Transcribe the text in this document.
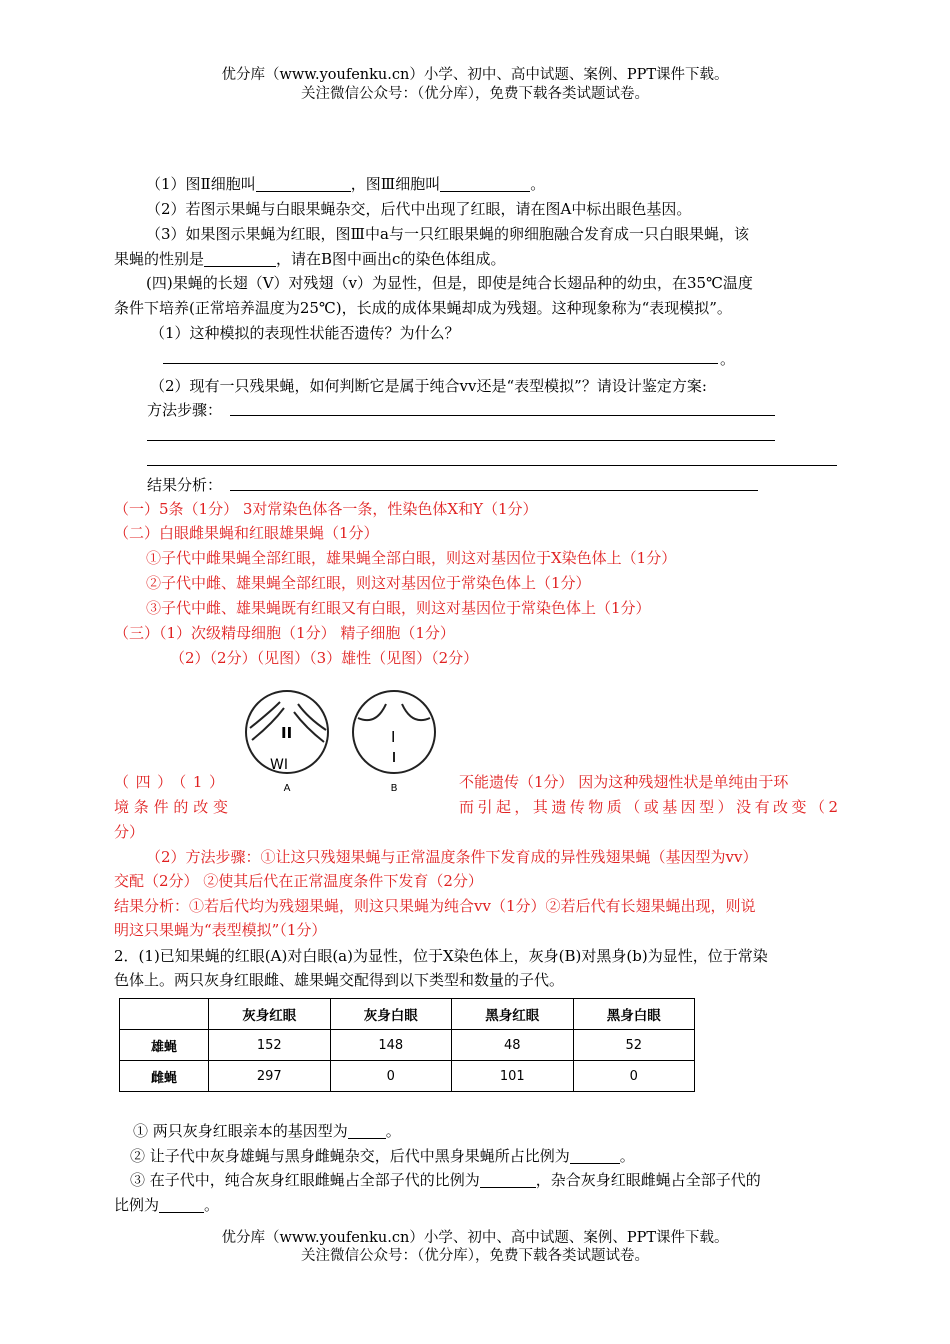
优分库（www.youfenku.cn）小学、初中、高中试题、案例、PPT课件下载。
关注微信公众号：（优分库），免费下载各类试题试卷。
（1）图Ⅱ细胞叫	，图Ⅲ细胞叫	。
（2）若图示果蝇与白眼果蝇杂交，后代中出现了红眼，请在图A中标出眼色基因。
（3）如果图示果蝇为红眼，图Ⅲ中a与一只红眼果蝇的卵细胞融合发育成一只白眼果蝇，该
果蝇的性别是	，请在B图中画出c的染色体组成。
(四)果蝇的长翅（V）对残翅（v）为显性，但是，即使是纯合长翅品种的幼虫，在35℃温度
条件下培养(正常培养温度为25℃)，长成的成体果蝇却成为残翅。这种现象称为“表现模拟”。
（1）这种模拟的表现性状能否遗传？为什么？
。
（2）现有一只残果蝇，如何判断它是属于纯合vv还是“表型模拟”？请设计鉴定方案:
方法步骤：
结果分析：
（一）5条（1分） 3对常染色体各一条，性染色体X和Y（1分）
（二）白眼雌果蝇和红眼雄果蝇（1分）
①子代中雌果蝇全部红眼，雄果蝇全部白眼，则这对基因位于X染色体上（1分）
②子代中雌、雄果蝇全部红眼，则这对基因位于常染色体上（1分）
③子代中雌、雄果蝇既有红眼又有白眼，则这对基因位于常染色体上（1分）
（三）（1）次级精母细胞（1分） 精子细胞（1分）
（2）（2分）（见图）（3）雄性（见图）（2分）
II
WI
A
I
B
（四）（1）	不能遗传（1分） 因为这种残翅性状是单纯由于环
境条件的改变	而引起，其遗传物质（或基因型）没有改变（2
分）
（2）方法步骤：①让这只残翅果蝇与正常温度条件下发育成的异性残翅果蝇（基因型为vv）
交配（2分） ②使其后代在正常温度条件下发育（2分）
结果分析：①若后代均为残翅果蝇，则这只果蝇为纯合vv（1分）②若后代有长翅果蝇出现，则说
明这只果蝇为“表型模拟”（1分）
2．(1)已知果蝇的红眼(A)对白眼(a)为显性，位于X染色体上，灰身(B)对黑身(b)为显性，位于常染
色体上。两只灰身红眼雌、雄果蝇交配得到以下类型和数量的子代。
	灰身红眼	灰身白眼	黑身红眼	黑身白眼
雄蝇	152	148	48	52
雌蝇	297	0	101	0
① 两只灰身红眼亲本的基因型为	。
② 让子代中灰身雄蝇与黑身雌蝇杂交，后代中黑身果蝇所占比例为	。
③ 在子代中，纯合灰身红眼雌蝇占全部子代的比例为	，杂合灰身红眼雌蝇占全部子代的
比例为	。
优分库（www.youfenku.cn）小学、初中、高中试题、案例、PPT课件下载。
关注微信公众号：（优分库），免费下载各类试题试卷。
